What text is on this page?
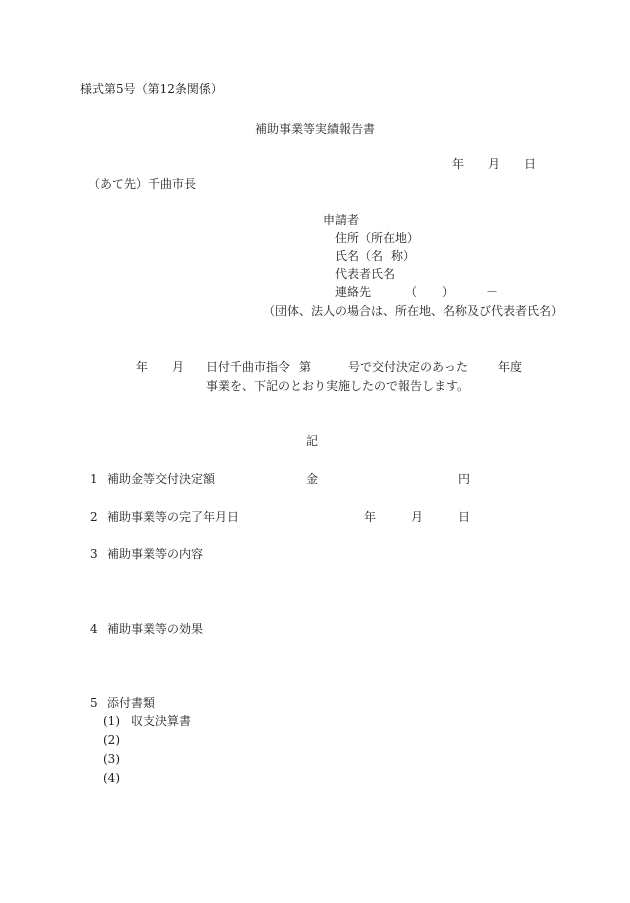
様式第5号（第12条関係）
補助事業等実績報告書
年 月 日
（あて先）千曲市長
申請者
住所（所在地）
氏名（名 称）
代表者氏名
連絡先	（ ）	－
（団体、法人の場合は、所在地、名称及び代表者氏名）
年 月 日付千曲市指令 第	号で交付決定のあった	年度
事業を、下記のとおり実施したので報告します。
記
1 補助金等交付決定額	金	円
2 補助事業等の完了年月日	年	月	日
3 補助事業等の内容
4 補助事業等の効果
5 添付書類
(1) 収支決算書
(2)
(3)
(4)
